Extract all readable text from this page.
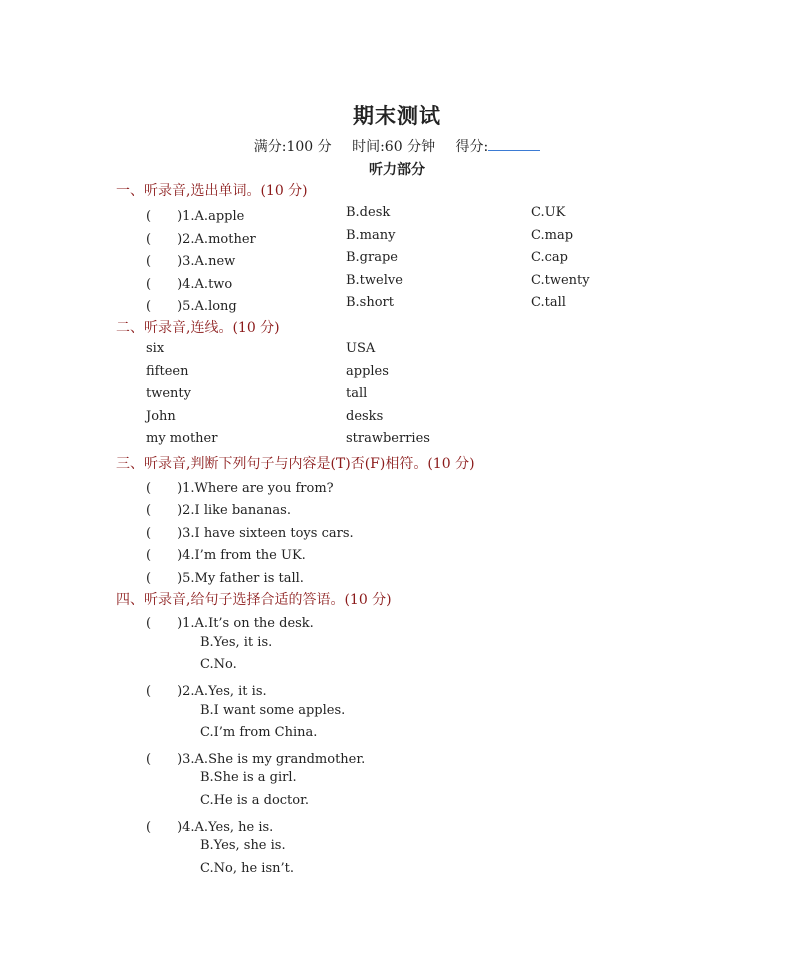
期末测试
满分:100 分 时间:60 分钟 得分:
听力部分
一、听录音,选出单词。(10 分)
(　　)1.A.apple	B.desk	C.UK
(　　)2.A.mother	B.many	C.map
(　　)3.A.new	B.grape	C.cap
(　　)4.A.two	B.twelve	C.twenty
(　　)5.A.long	B.short	C.tall
二、听录音,连线。(10 分)
six	USA
fifteen	apples
twenty	tall
John	desks
my mother	strawberries
三、听录音,判断下列句子与内容是(T)否(F)相符。(10 分)
(　　)1.Where are you from?
(　　)2.I like bananas.
(　　)3.I have sixteen toys cars.
(　　)4.I’m from the UK.
(　　)5.My father is tall.
四、听录音,给句子选择合适的答语。(10 分)
(　　)1.A.It’s on the desk.
B.Yes, it is.
C.No.
(　　)2.A.Yes, it is.
B.I want some apples.
C.I’m from China.
(　　)3.A.She is my grandmother.
B.She is a girl.
C.He is a doctor.
(　　)4.A.Yes, he is.
B.Yes, she is.
C.No, he isn’t.
